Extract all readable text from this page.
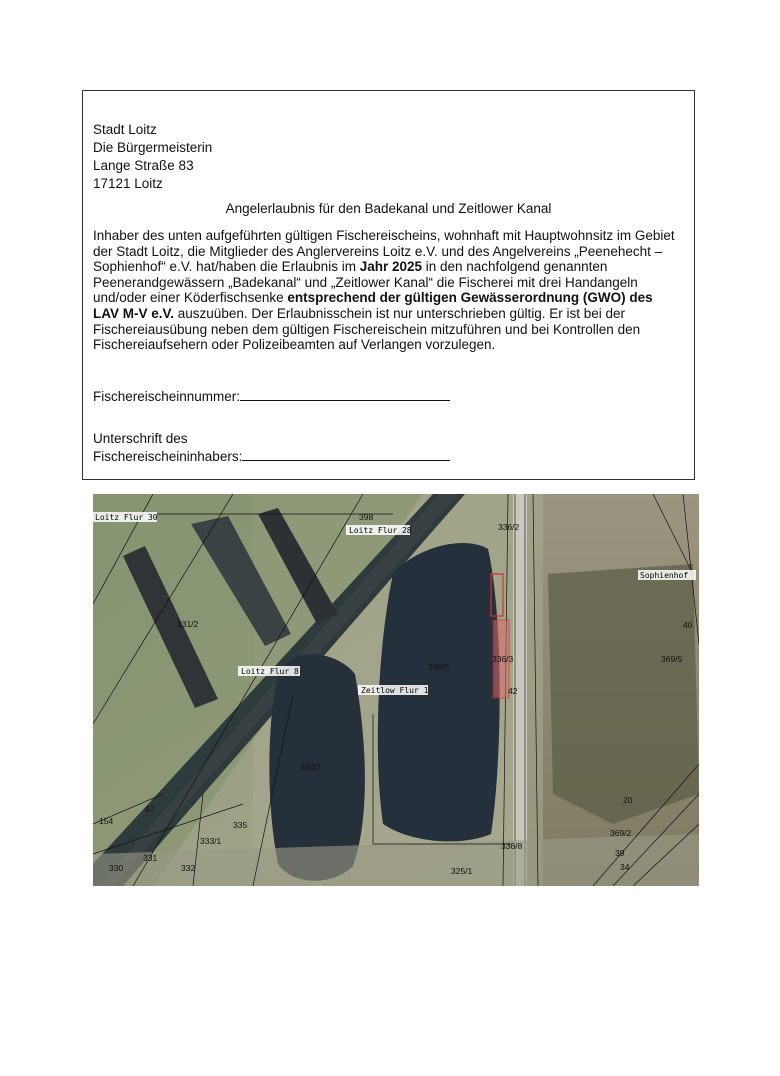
Stadt Loitz
Die Bürgermeisterin
Lange Straße 83
17121 Loitz
Angelerlaubnis für den Badekanal und Zeitlower Kanal
Inhaber des unten aufgeführten gültigen Fischereischeins, wohnhaft mit Hauptwohnsitz im Gebiet der Stadt Loitz, die Mitglieder des Anglervereins Loitz e.V. und des Angelvereins „Peenehecht – Sophienhof“ e.V. hat/haben die Erlaubnis im Jahr 2025 in den nachfolgend genannten Peenerandgewässern „Badekanal“ und „Zeitlower Kanal“ die Fischerei mit drei Handangeln und/oder einer Köderfischsenke entsprechend der gültigen Gewässerordnung (GWO) des LAV M-V e.V. auszuüben. Der Erlaubnisschein ist nur unterschrieben gültig. Er ist bei der Fischereiausübung neben dem gültigen Fischereischein mitzuführen und bei Kontrollen den Fischereiaufsehern oder Polizeibeamten auf Verlangen vorzulegen.
Fischereischeinnummer:
Unterschrift des
Fischereischeininhabers:
Loitz Flur 28
Loitz Flur 8
Zeitlow Flur 1
Sophienhof
Loitz Flur 30	398
336/2
131/2
336/5
336/3
42
369/5
330/7
154
47
335
333/1
331
330	332
336/8
325/1
20
369/2
39
34
40
